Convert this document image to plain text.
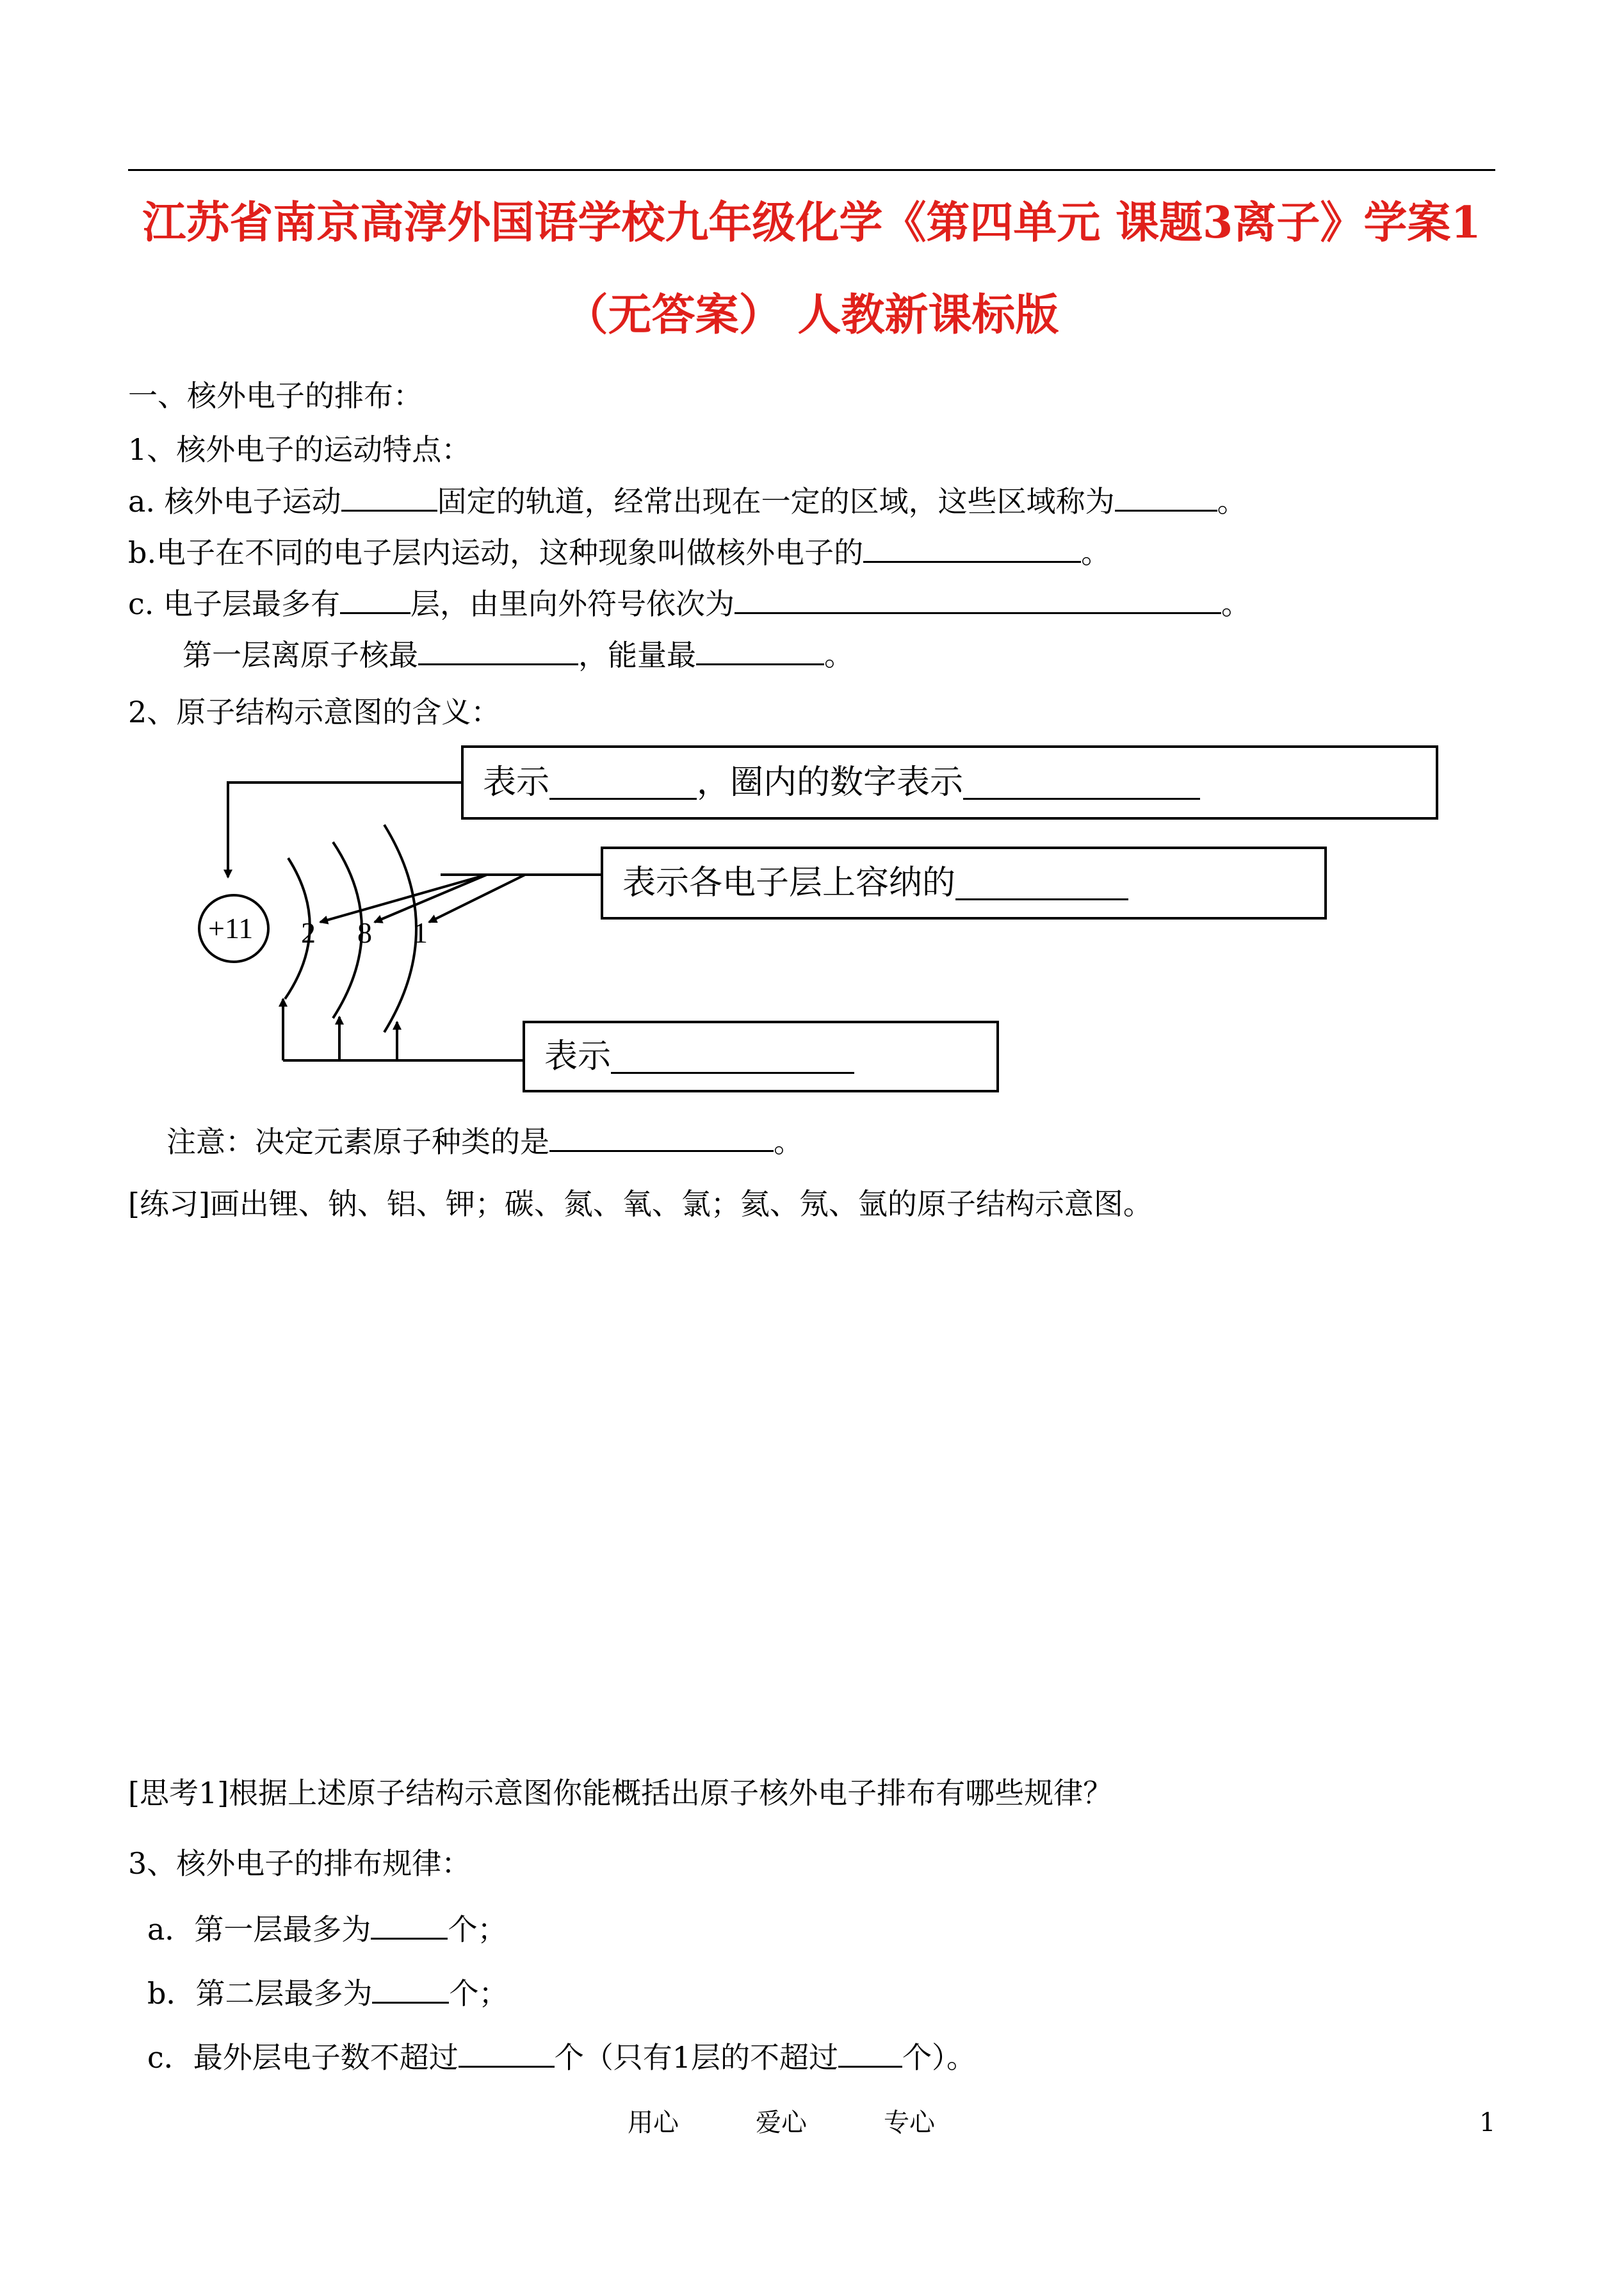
江苏省南京高淳外国语学校九年级化学《第四单元 课题3离子》学案1
（无答案） 人教新课标版
一、核外电子的排布：
1、核外电子的运动特点：
a. 核外电子运动	固定的轨道，经常出现在一定的区域，这些区域称为	。
b.电子在不同的电子层内运动，这种现象叫做核外电子的	。
c. 电子层最多有 层，由里向外符号依次为	。
第一层离原子核最	，能量最	。
2、原子结构示意图的含义：
表示	，圈内的数字表示
表示各电子层上容纳的
表示
+11 2 8 1
注意：决定元素原子种类的是	。
[练习]画出锂、钠、铝、钾；碳、氮、氧、氯；氦、氖、氩的原子结构示意图。
[思考1]根据上述原子结构示意图你能概括出原子核外电子排布有哪些规律？
3、核外电子的排布规律：
a．第一层最多为	个；
b．第二层最多为	个；
c．最外层电子数不超过	个（只有1层的不超过 个）。
用心	爱心	专心	1
